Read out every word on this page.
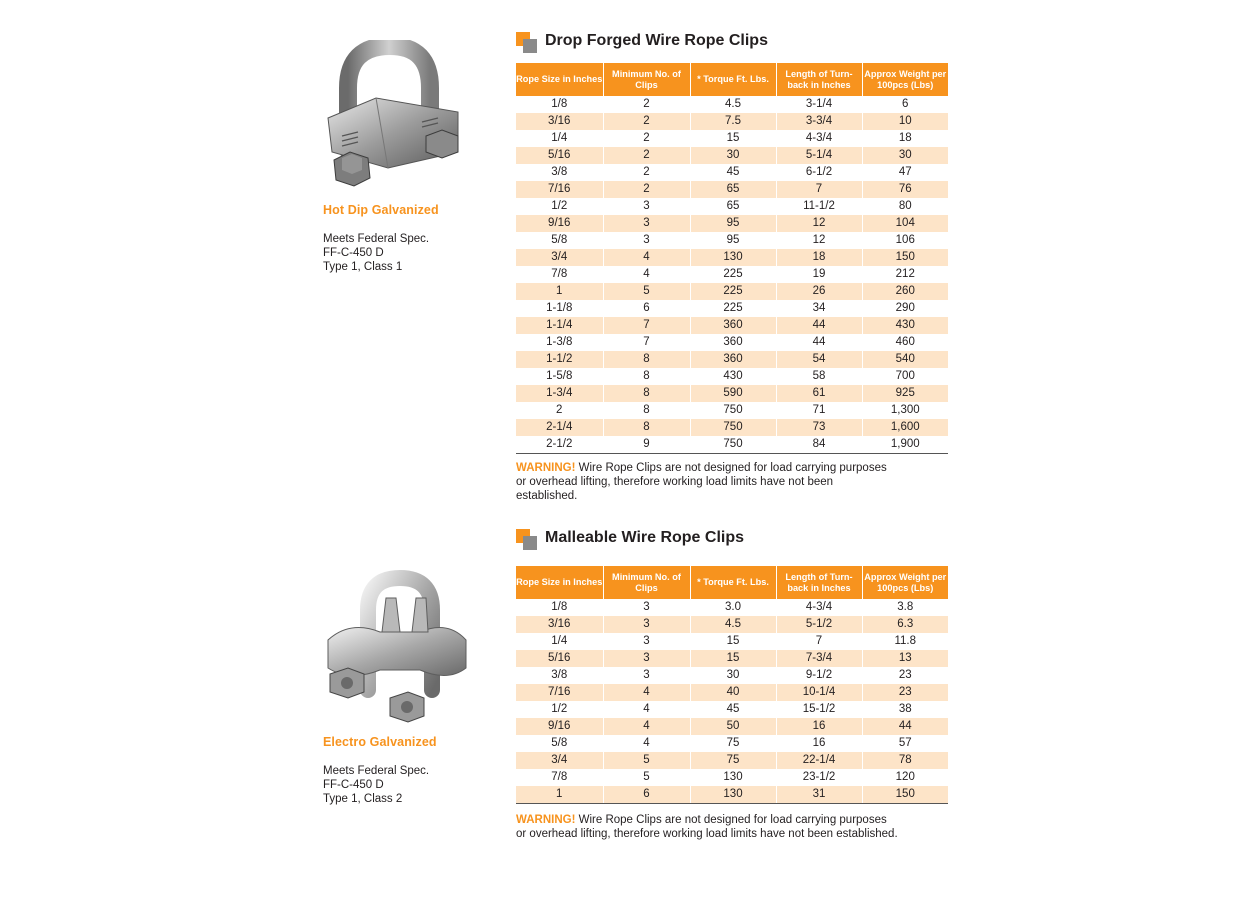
Hot Dip Galvanized
Meets Federal Spec.
FF-C-450 D
Type 1, Class 1
Electro Galvanized
Meets Federal Spec.
FF-C-450 D
Type 1, Class 2
Drop Forged Wire Rope Clips
Rope Size in Inches	Minimum No. of Clips	* Torque Ft. Lbs.	Length of Turn-back in Inches	Approx Weight per 100pcs (Lbs)
1/8	2	4.5	3-1/4	6
3/16	2	7.5	3-3/4	10
1/4	2	15	4-3/4	18
5/16	2	30	5-1/4	30
3/8	2	45	6-1/2	47
7/16	2	65	7	76
1/2	3	65	11-1/2	80
9/16	3	95	12	104
5/8	3	95	12	106
3/4	4	130	18	150
7/8	4	225	19	212
1	5	225	26	260
1-1/8	6	225	34	290
1-1/4	7	360	44	430
1-3/8	7	360	44	460
1-1/2	8	360	54	540
1-5/8	8	430	58	700
1-3/4	8	590	61	925
2	8	750	71	1,300
2-1/4	8	750	73	1,600
2-1/2	9	750	84	1,900
WARNING! Wire Rope Clips are not designed for load carrying purposes
or overhead lifting, therefore working load limits have not been
established.
Malleable Wire Rope Clips
Rope Size in Inches	Minimum No. of Clips	* Torque Ft. Lbs.	Length of Turn-back in Inches	Approx Weight per 100pcs (Lbs)
1/8	3	3.0	4-3/4	3.8
3/16	3	4.5	5-1/2	6.3
1/4	3	15	7	11.8
5/16	3	15	7-3/4	13
3/8	3	30	9-1/2	23
7/16	4	40	10-1/4	23
1/2	4	45	15-1/2	38
9/16	4	50	16	44
5/8	4	75	16	57
3/4	5	75	22-1/4	78
7/8	5	130	23-1/2	120
1	6	130	31	150
WARNING! Wire Rope Clips are not designed for load carrying purposes
or overhead lifting, therefore working load limits have not been established.
